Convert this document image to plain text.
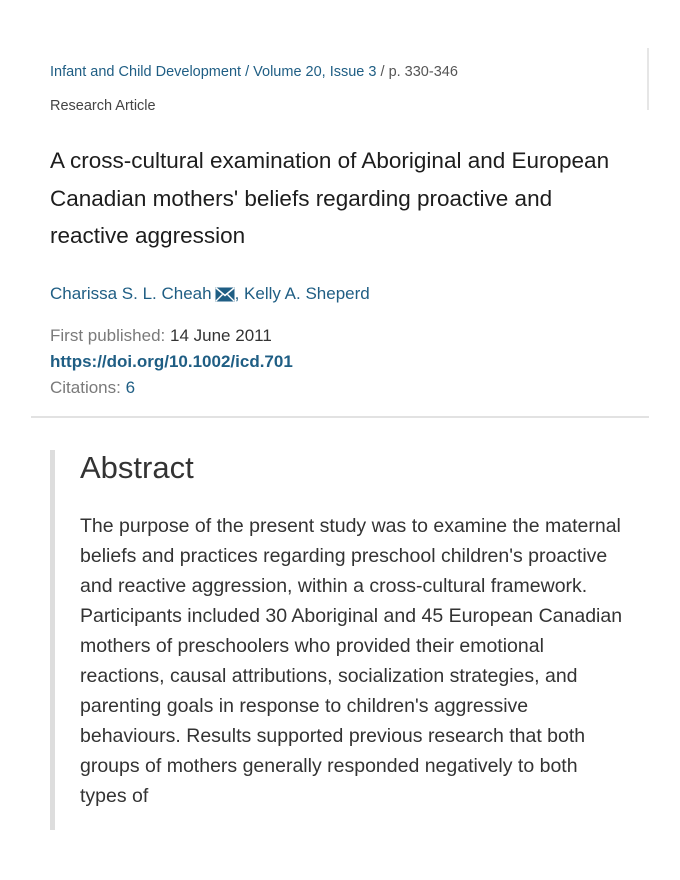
Infant and Child Development / Volume 20, Issue 3 / p. 330-346
Research Article
A cross-cultural examination of Aboriginal and European Canadian mothers' beliefs regarding proactive and reactive aggression
Charissa S. L. Cheah , Kelly A. Sheperd
First published: 14 June 2011
https://doi.org/10.1002/icd.701
Citations: 6
Abstract

The purpose of the present study was to examine the maternal beliefs and practices regarding preschool children's proactive and reactive aggression, within a cross-cultural framework. Participants included 30 Aboriginal and 45 European Canadian mothers of preschoolers who provided their emotional reactions, causal attributions, socialization strategies, and parenting goals in response to children's aggressive behaviours. Results supported previous research that both groups of mothers generally responded negatively to both types of
